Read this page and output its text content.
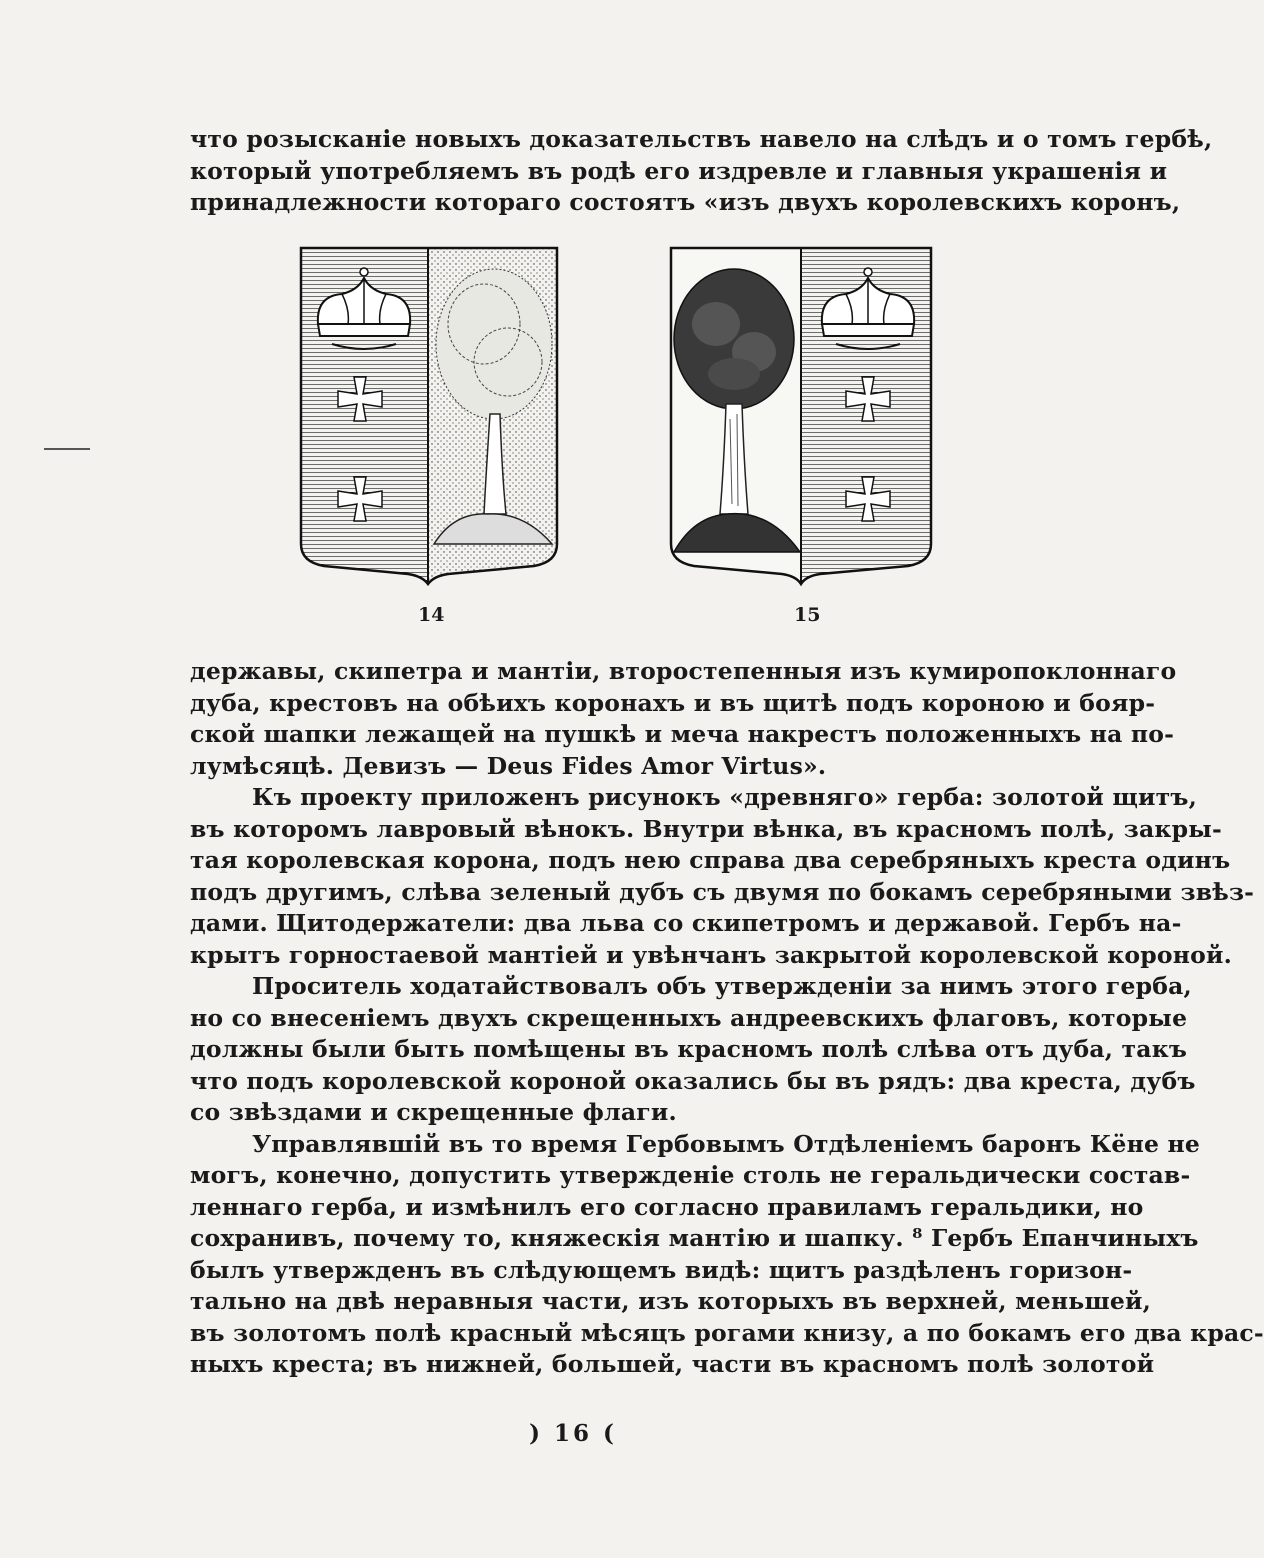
что розысканіе новыхъ доказательствъ навело на слѣдъ и о томъ гербѣ,
который употребляемъ въ родѣ его издревле и главныя украшенія и
принадлежности котораго состоятъ «изъ двухъ королевскихъ коронъ,
14	15
державы, скипетра и мантіи, второстепенныя изъ кумиропоклоннаго
дуба, крестовъ на обѣихъ коронахъ и въ щитѣ подъ короною и бояр-
ской шапки лежащей на пушкѣ и меча накрестъ положенныхъ на по-
лумѣсяцѣ. Девизъ — Deus Fides Amor Virtus».
Къ проекту приложенъ рисунокъ «древняго» герба: золотой щитъ,
въ которомъ лавровый вѣнокъ. Внутри вѣнка, въ красномъ полѣ, закры-
тая королевская корона, подъ нею справа два серебряныхъ креста одинъ
подъ другимъ, слѣва зеленый дубъ съ двумя по бокамъ серебряными звѣз-
дами. Щитодержатели: два льва со скипетромъ и державой. Гербъ на-
крытъ горностаевой мантіей и увѣнчанъ закрытой королевской короной.
Проситель ходатайствовалъ объ утвержденіи за нимъ этого герба,
но со внесеніемъ двухъ скрещенныхъ андреевскихъ флаговъ, которые
должны были быть помѣщены въ красномъ полѣ слѣва отъ дуба, такъ
что подъ королевской короной оказались бы въ рядъ: два креста, дубъ
со звѣздами и скрещенные флаги.
Управлявшій въ то время Гербовымъ Отдѣленіемъ баронъ Кёне не
могъ, конечно, допустить утвержденіе столь не геральдически состав-
леннаго герба, и измѣнилъ его согласно правиламъ геральдики, но
сохранивъ, почему то, княжескія мантію и шапку. ⁸ Гербъ Епанчиныхъ
былъ утвержденъ въ слѣдующемъ видѣ: щитъ раздѣленъ горизон-
тально на двѣ неравныя части, изъ которыхъ въ верхней, меньшей,
въ золотомъ полѣ красный мѣсяцъ рогами книзу, а по бокамъ его два крас-
ныхъ креста; въ нижней, большей, части въ красномъ полѣ золотой
) 16 (
